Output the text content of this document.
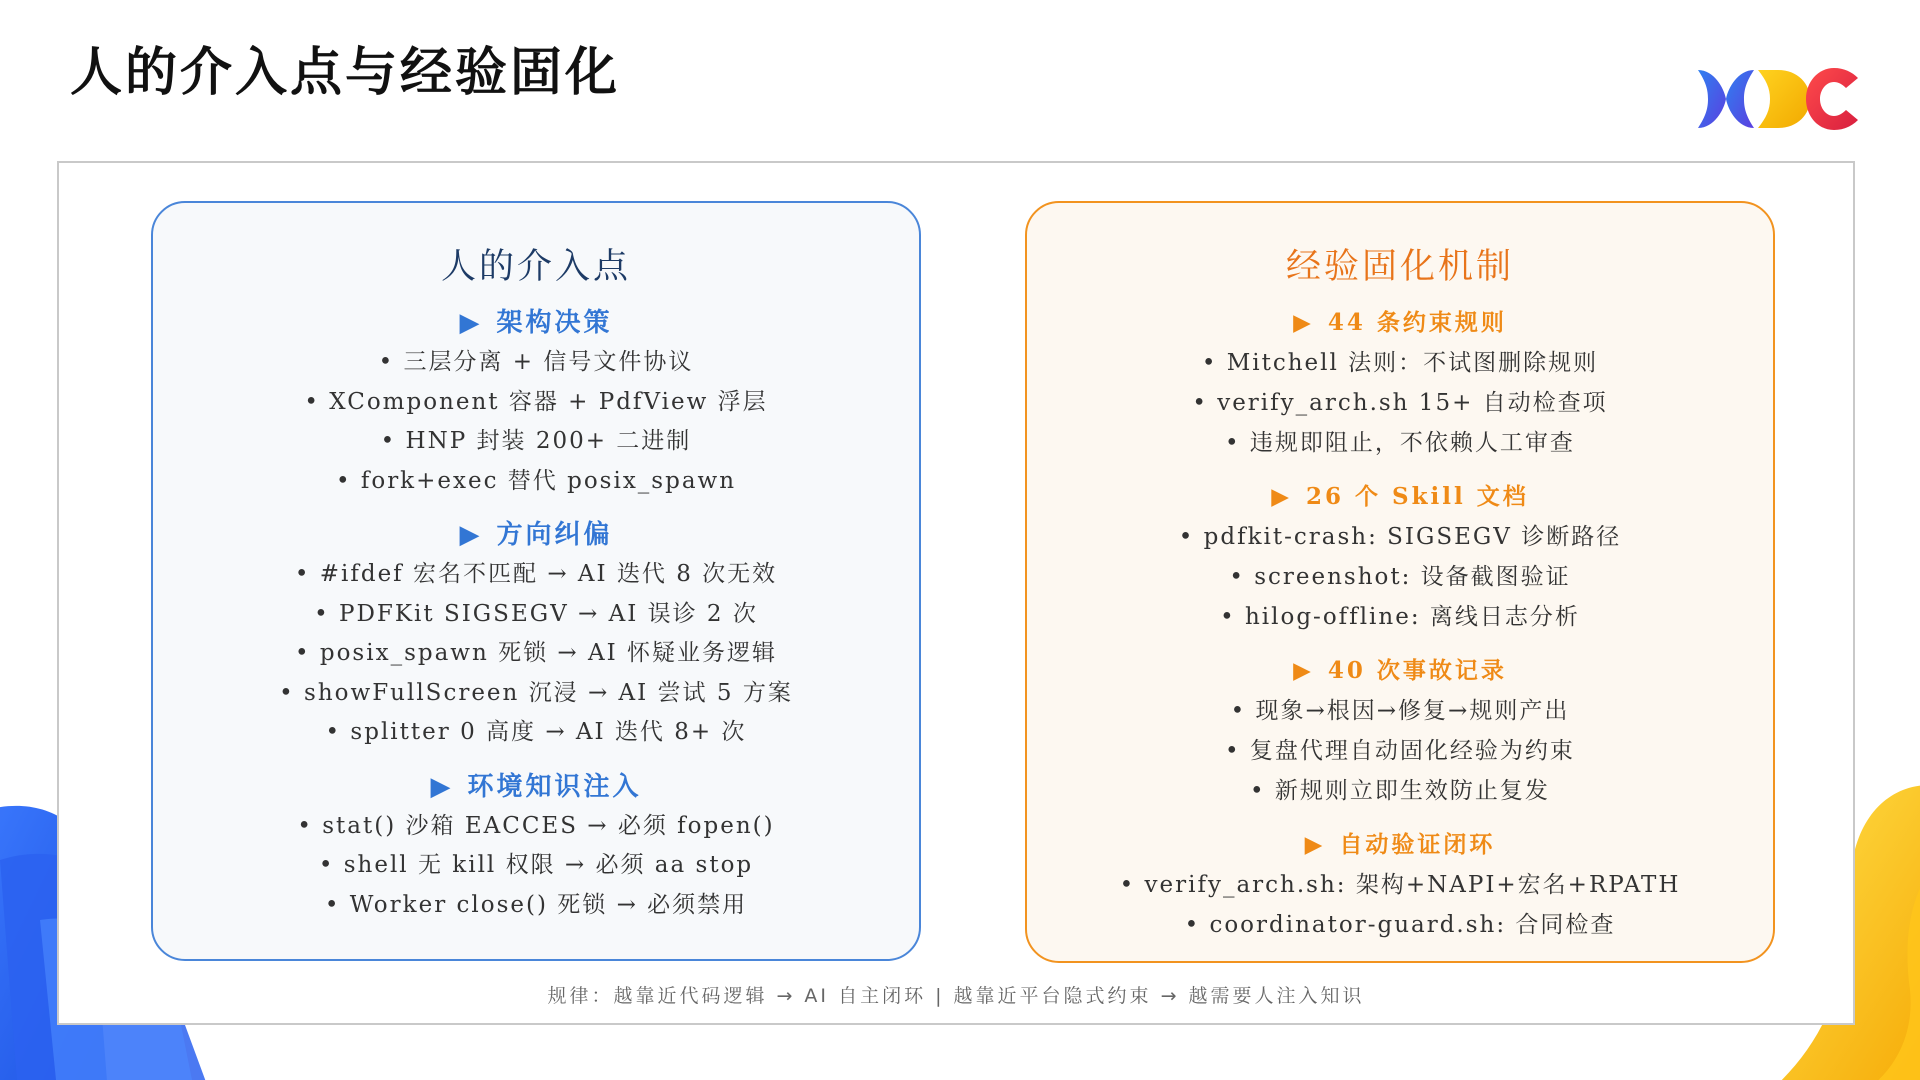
人的介入点与经验固化
人的介入点
▶ 架构决策
• 三层分离 + 信号文件协议
• XComponent 容器 + PdfView 浮层
• HNP 封装 200+ 二进制
• fork+exec 替代 posix_spawn
▶ 方向纠偏
• #ifdef 宏名不匹配 → AI 迭代 8 次无效
• PDFKit SIGSEGV → AI 误诊 2 次
• posix_spawn 死锁 → AI 怀疑业务逻辑
• showFullScreen 沉浸 → AI 尝试 5 方案
• splitter 0 高度 → AI 迭代 8+ 次
▶ 环境知识注入
• stat() 沙箱 EACCES → 必须 fopen()
• shell 无 kill 权限 → 必须 aa stop
• Worker close() 死锁 → 必须禁用
经验固化机制
▶ 44 条约束规则
• Mitchell 法则：不试图删除规则
• verify_arch.sh 15+ 自动检查项
• 违规即阻止，不依赖人工审查
▶ 26 个 Skill 文档
• pdfkit-crash: SIGSEGV 诊断路径
• screenshot: 设备截图验证
• hilog-offline: 离线日志分析
▶ 40 次事故记录
• 现象→根因→修复→规则产出
• 复盘代理自动固化经验为约束
• 新规则立即生效防止复发
▶ 自动验证闭环
• verify_arch.sh: 架构+NAPI+宏名+RPATH
• coordinator-guard.sh: 合同检查
规律：越靠近代码逻辑 → AI 自主闭环 | 越靠近平台隐式约束 → 越需要人注入知识
